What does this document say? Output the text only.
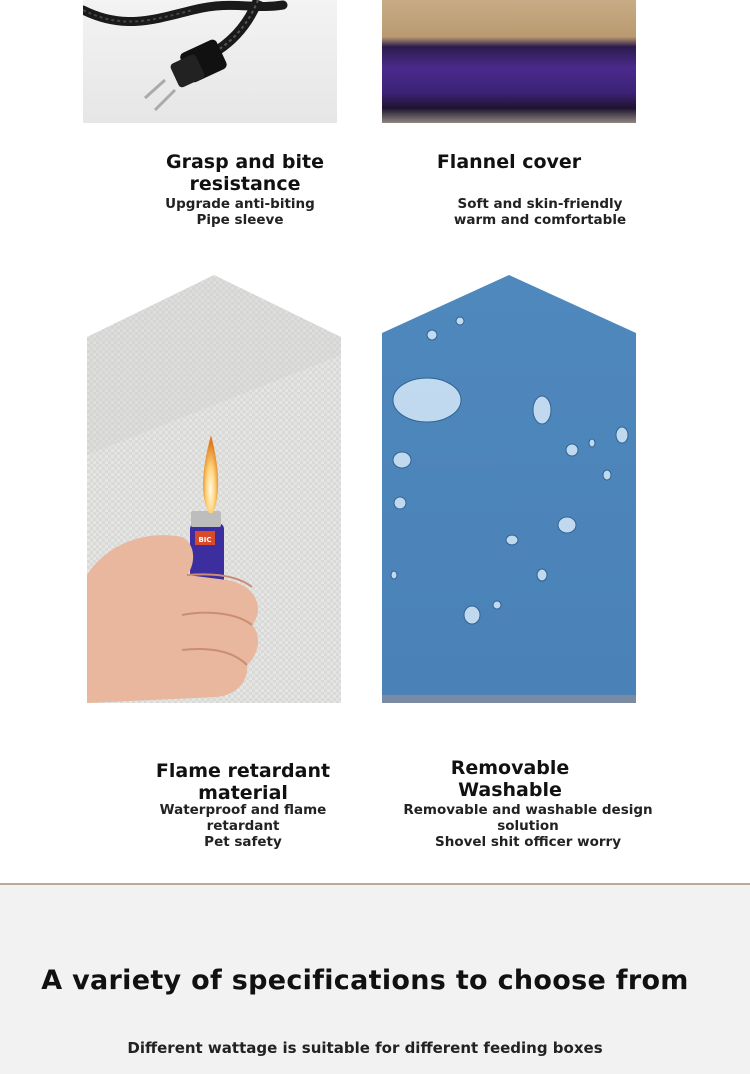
Grasp and bite resistance
Upgrade anti-biting
Pipe sleeve
Flannel cover
Soft and skin-friendly
warm and comfortable
BIC
Flame retardant
material
Waterproof and flame
retardant
Pet safety
Removable Washable
Removable and washable design
solution
Shovel shit officer worry
A variety of specifications to choose from
Different wattage is suitable for different feeding boxes
